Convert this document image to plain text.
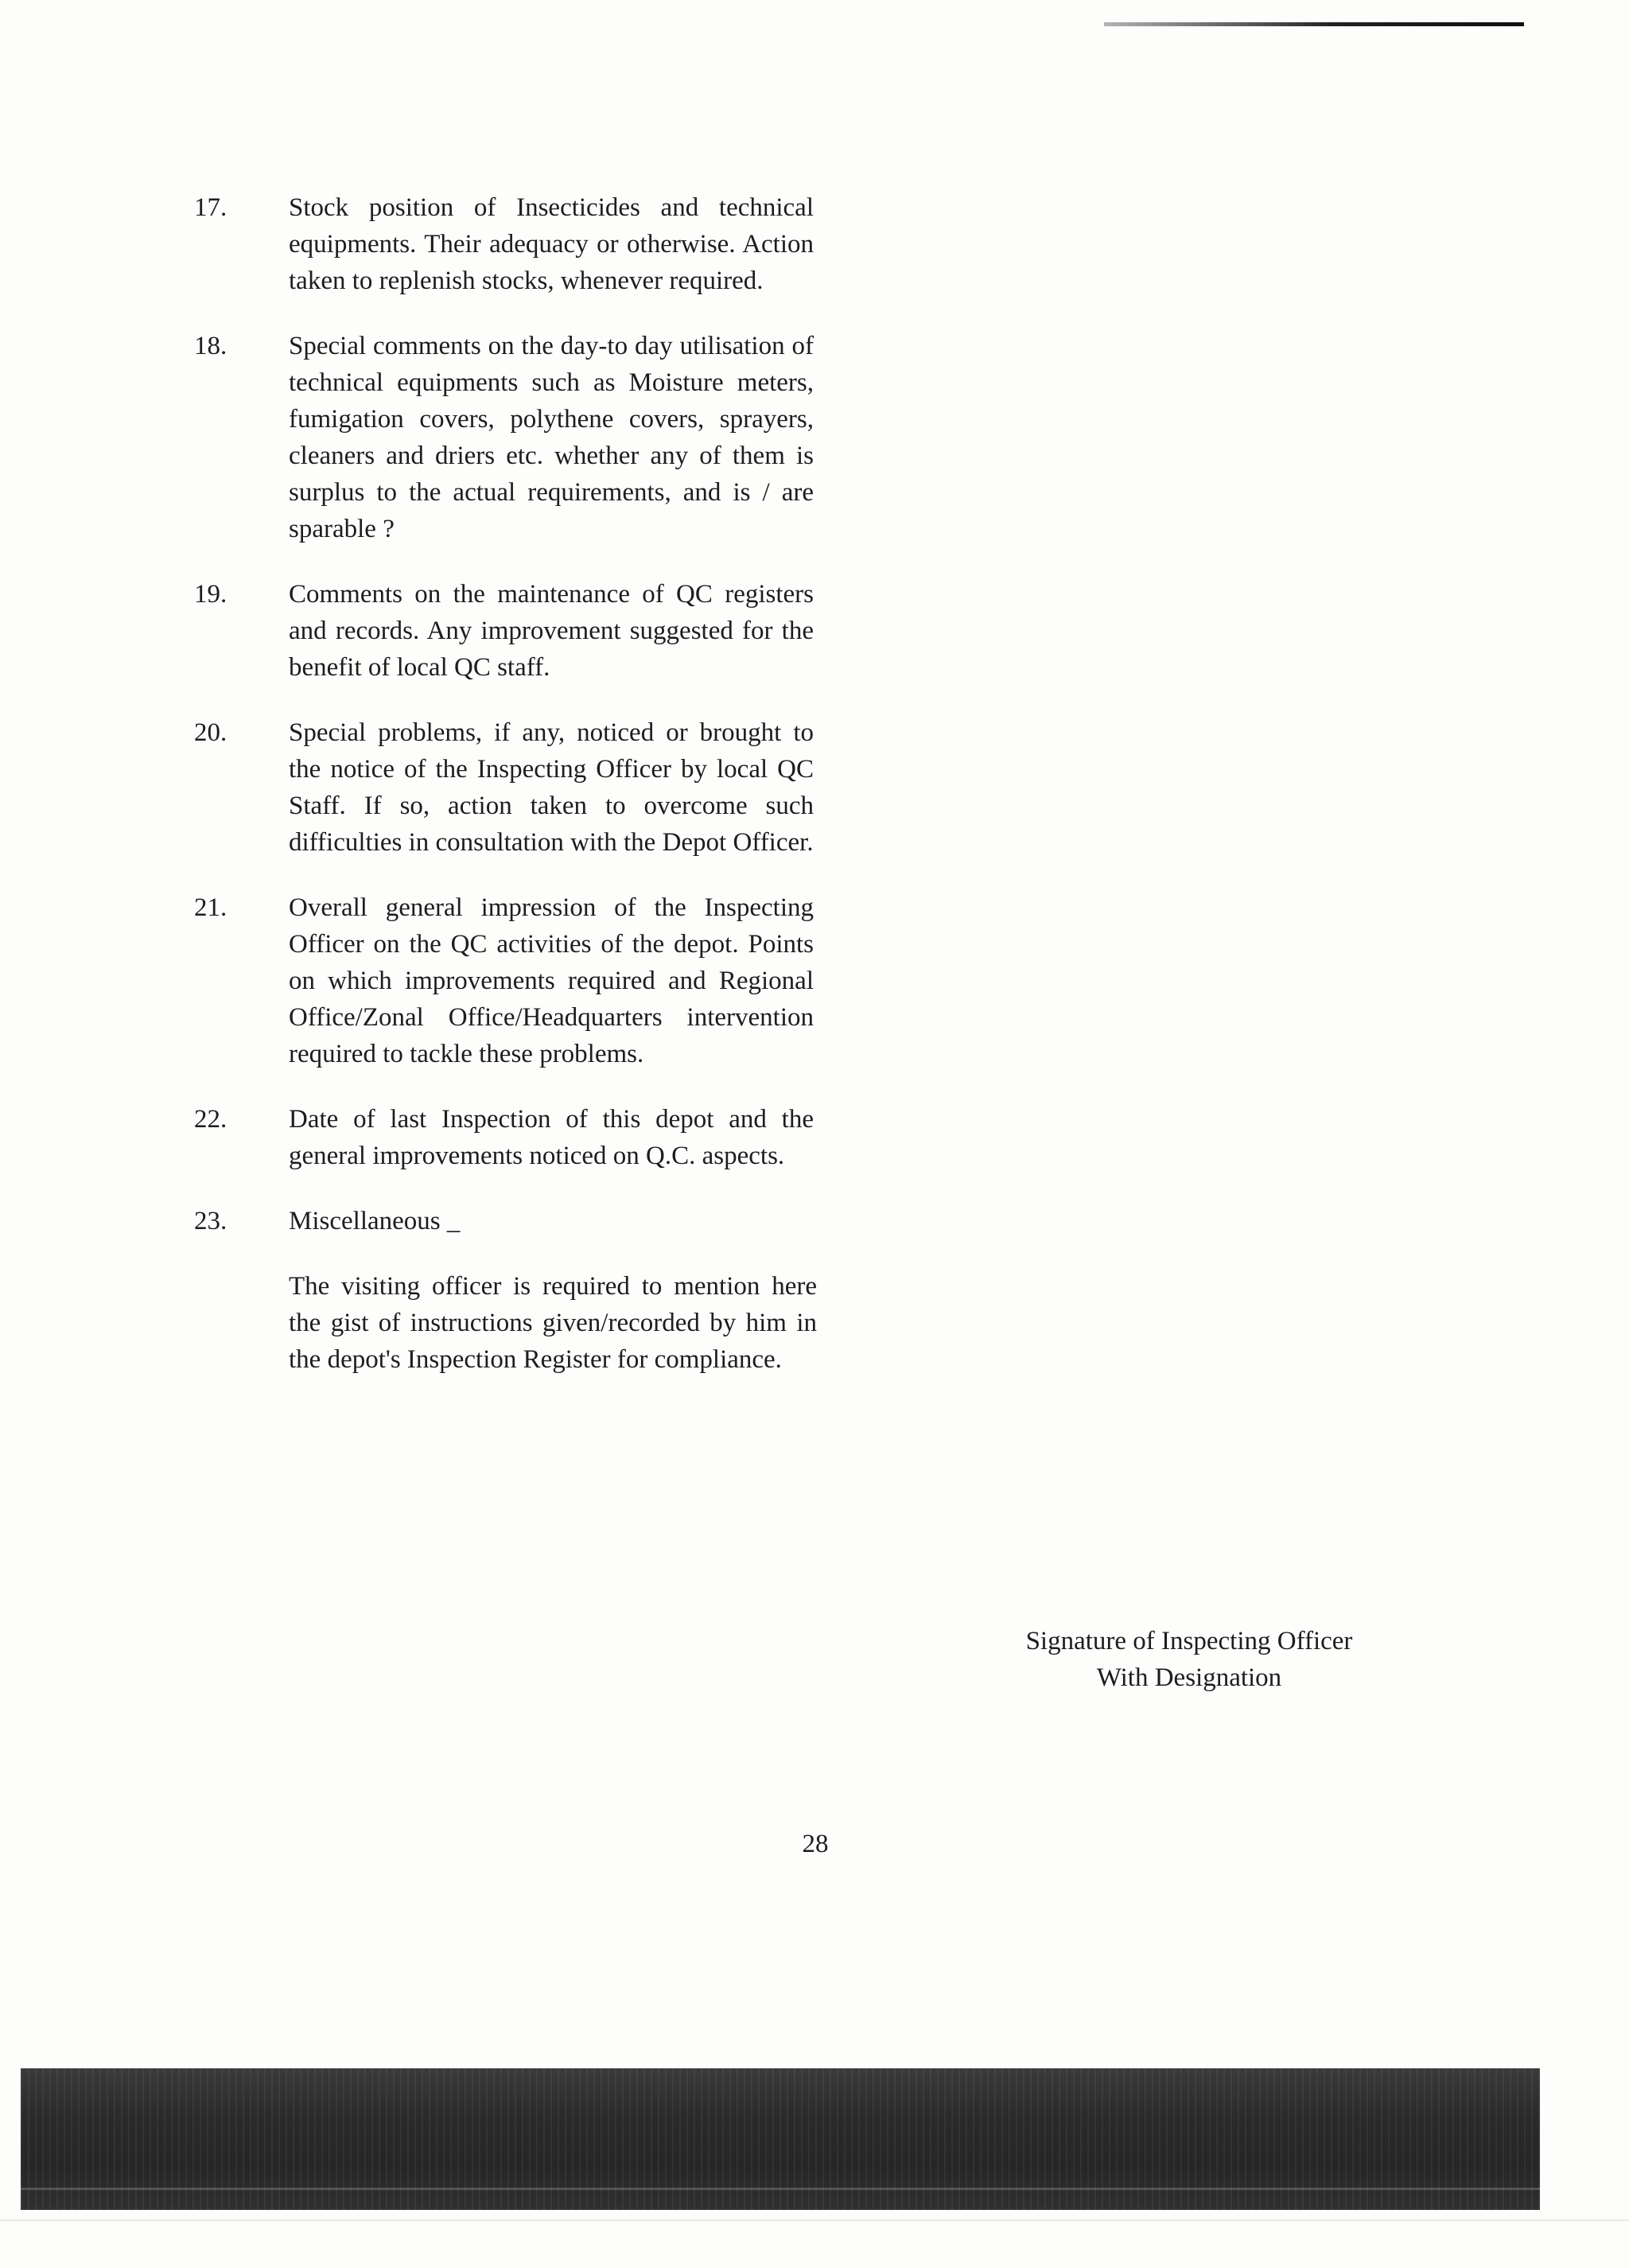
17.	Stock position of Insecticides and technical equipments. Their adequacy or otherwise. Action taken to replenish stocks, whenever required.
18.	Special comments on the day-to day utilisation of technical equipments such as Moisture meters, fumigation covers, polythene covers, sprayers, cleaners and driers etc. whether any of them is surplus to the actual requirements, and is / are sparable ?
19.	Comments on the maintenance of QC registers and records. Any improvement suggested for the benefit of local QC staff.
20.	Special problems, if any, noticed or brought to the notice of the Inspecting Officer by local QC Staff. If so, action taken to overcome such difficulties in consultation with the Depot Officer.
21.	Overall general impression of the Inspecting Officer on the QC activities of the depot. Points on which improvements required and Regional Office/Zonal Office/Headquarters intervention required to tackle these problems.
22.	Date of last Inspection of this depot and the general improvements noticed on Q.C. aspects.
23.	Miscellaneous _
The visiting officer is required to mention here the gist of instructions given/recorded by him in the depot's Inspection Register for compliance.
Signature of Inspecting Officer
With Designation
28
